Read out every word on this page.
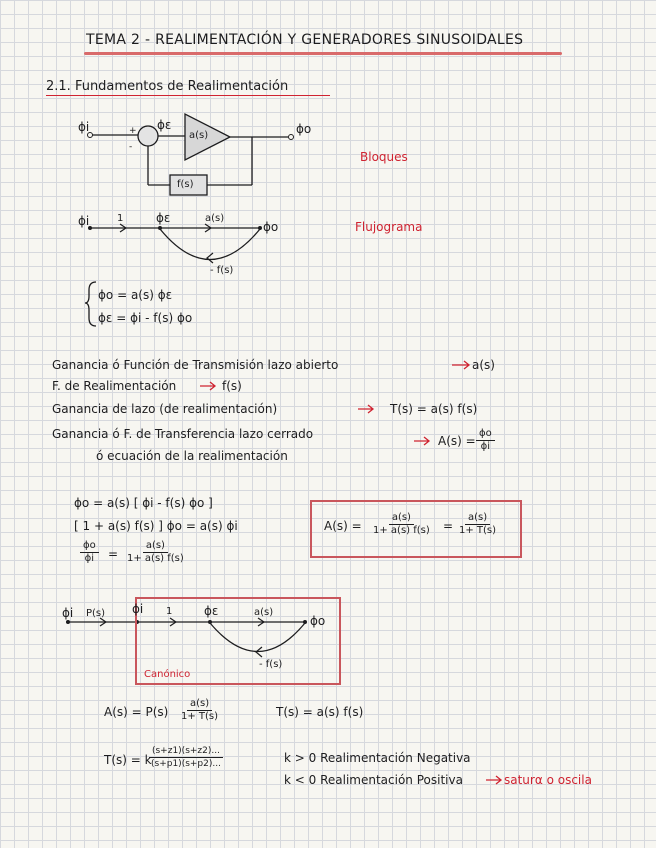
TEMA 2 - REALIMENTACIÓN Y GENERADORES SINUSOIDALES
2.1. Fundamentos de Realimentación
ϕi	+
-
ϕε
a(s)	ϕo
f(s)
Bloques
ϕi	1	ϕε	a(s)
ϕo
- f(s)
Flujograma
ϕo = a(s) ϕε
ϕε = ϕi - f(s) ϕo
Ganancia ó Función de Transmisión lazo abierto	a(s)
F. de Realimentación	f(s)
Ganancia de lazo (de realimentación)	T(s) = a(s) f(s)
Ganancia ó F. de Transferencia lazo cerrado
ó ecuación de la realimentación
$A(s) = \frac{\phi o}{\phi i}$
ϕo = a(s) [ ϕi - f(s) ϕo ]
[ 1 + a(s) f(s) ] ϕo = a(s) ϕi
$\frac{\phi o}{\phi i} = \frac{a(s)}{1+ a(s) f(s)}$
$A(s) = \frac{a(s)}{1+ a(s) f(s)} = \frac{a(s)}{1+ T(s)}$
ϕi P(s) ϕi 1	ϕε	a(s)
ϕo
- f(s)
Canónico
$A(s) = P(s) \frac{a(s)}{1+ T(s)}$	T(s) = a(s) f(s)
T(s) = k
$\frac{(s+z1)(s+z2)...}{(s+p1)(s+p2)...}$	k > 0 Realimentación Negativa
k < 0 Realimentación Positiva	saturα o oscila
